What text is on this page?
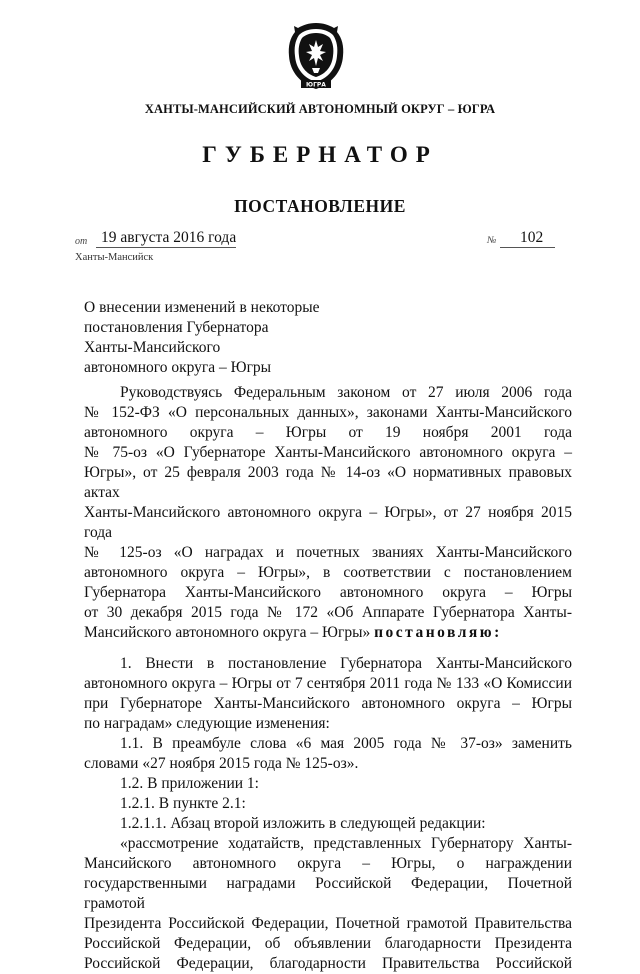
ЮГРА
ХАНТЫ-МАНСИЙСКИЙ АВТОНОМНЫЙ ОКРУГ – ЮГРА
ГУБЕРНАТОР
ПОСТАНОВЛЕНИЕ
от 19 августа 2016 года	№ 102
Ханты-Мансийск
О внесении изменений в некоторые
постановления Губернатора
Ханты-Мансийского
автономного округа – Югры
Руководствуясь Федеральным законом от 27 июля 2006 года
№ 152-ФЗ «О персональных данных», законами Ханты-Мансийского
автономного округа – Югры от 19 ноября 2001 года
№ 75-оз «О Губернаторе Ханты-Мансийского автономного округа –
Югры», от 25 февраля 2003 года № 14-оз «О нормативных правовых актах
Ханты-Мансийского автономного округа – Югры», от 27 ноября 2015 года
№ 125-оз «О наградах и почетных званиях Ханты-Мансийского
автономного округа – Югры», в соответствии с постановлением
Губернатора Ханты-Мансийского автономного округа – Югры
от 30 декабря 2015 года № 172 «Об Аппарате Губернатора Ханты-
Мансийского автономного округа – Югры» постановляю:
1. Внести в постановление Губернатора Ханты-Мансийского
автономного округа – Югры от 7 сентября 2011 года № 133 «О Комиссии
при Губернаторе Ханты-Мансийского автономного округа – Югры
по наградам» следующие изменения:
1.1. В преамбуле слова «6 мая 2005 года № 37-оз» заменить
словами «27 ноября 2015 года № 125-оз».
1.2. В приложении 1:
1.2.1. В пункте 2.1:
1.2.1.1. Абзац второй изложить в следующей редакции:
«рассмотрение ходатайств, представленных Губернатору Ханты-
Мансийского автономного округа – Югры, о награждении
государственными наградами Российской Федерации, Почетной грамотой
Президента Российской Федерации, Почетной грамотой Правительства
Российской Федерации, об объявлении благодарности Президента
Российской Федерации, благодарности Правительства Российской
